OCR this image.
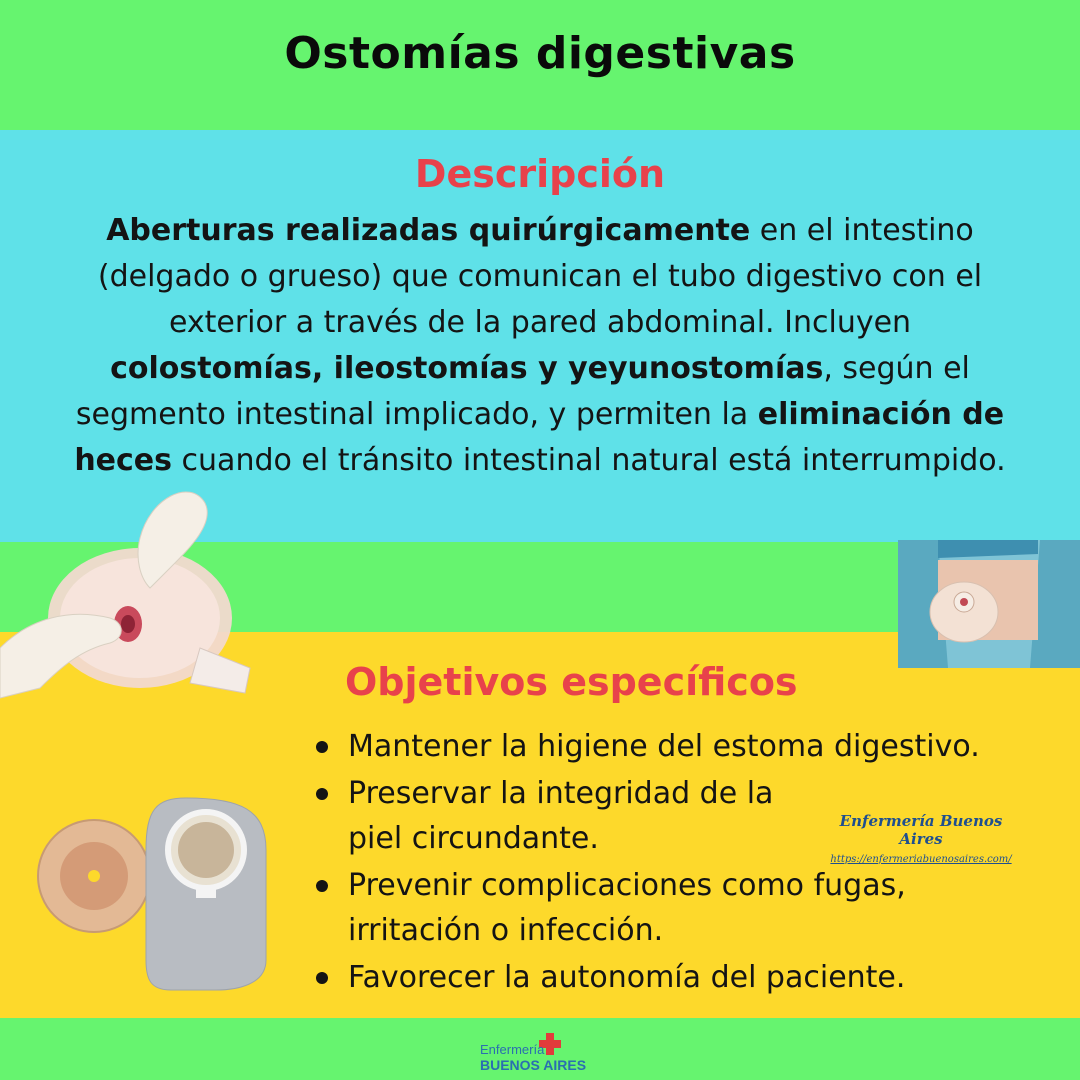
Ostomías digestivas
Descripción

Aberturas realizadas quirúrgicamente en el intestino (delgado o grueso) que comunican el tubo digestivo con el exterior a través de la pared abdominal. Incluyen colostomías, ileostomías y yeyunostomías, según el segmento intestinal implicado, y permiten la eliminación de heces cuando el tránsito intestinal natural está interrumpido.

Objetivos específicos
Mantener la higiene del estoma digestivo.
Preservar la integridad de la piel circundante.
Prevenir complicaciones como fugas, irritación o infección.
Favorecer la autonomía del paciente.
Enfermería Buenos Aires
https://enfermeriabuenosaires.com/
Enfermería
BUENOS AIRES
